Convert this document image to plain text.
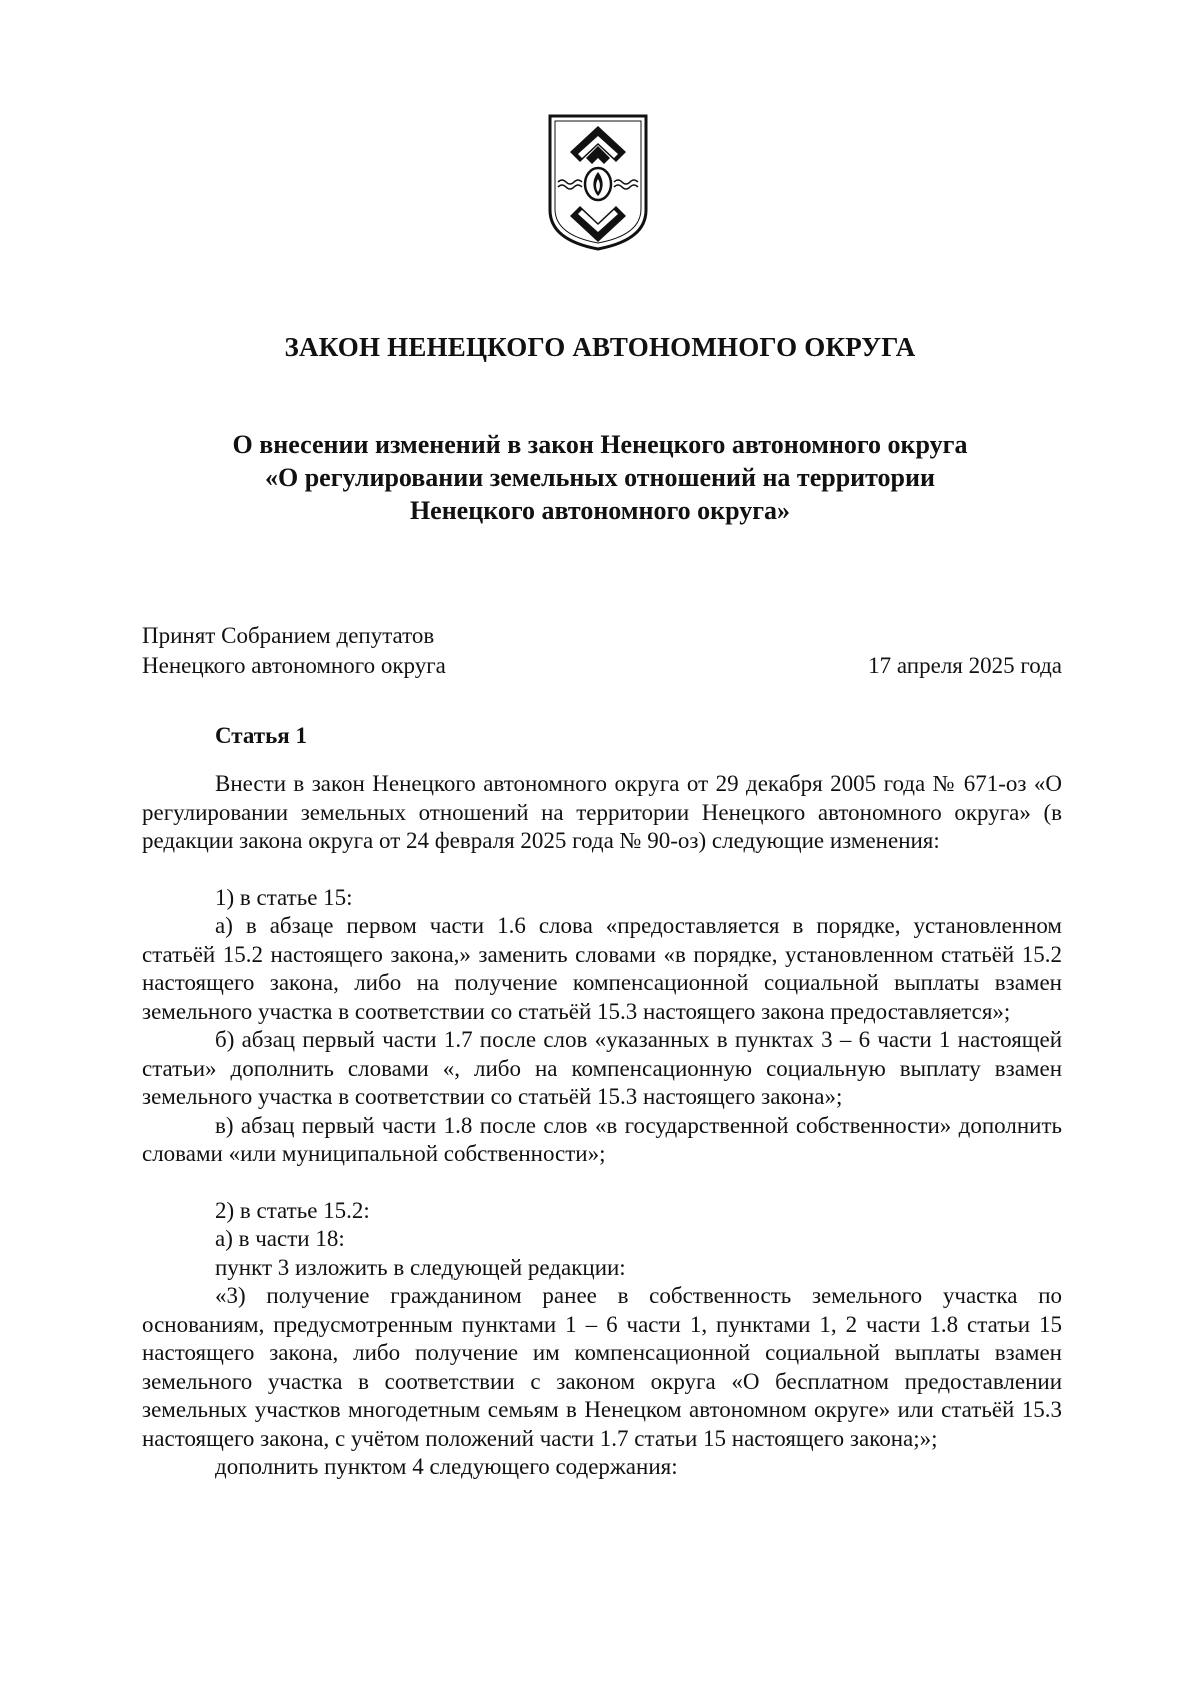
ЗАКОН НЕНЕЦКОГО АВТОНОМНОГО ОКРУГА
О внесении изменений в закон Ненецкого автономного округа
«О регулировании земельных отношений на территории
Ненецкого автономного округа»
Принят Собранием депутатов
Ненецкого автономного округа	17 апреля 2025 года
Статья 1

Внести в закон Ненецкого автономного округа от 29 декабря 2005 года № 671-оз «О регулировании земельных отношений на территории Ненецкого автономного округа» (в редакции закона округа от 24 февраля 2025 года № 90-оз) следующие изменения:

1) в статье 15:

а) в абзаце первом части 1.6 слова «предоставляется в порядке, установленном статьёй 15.2 настоящего закона,» заменить словами «в порядке, установленном статьёй 15.2 настоящего закона, либо на получение компенсационной социальной выплаты взамен земельного участка в соответствии со статьёй 15.3 настоящего закона предоставляется»;

б) абзац первый части 1.7 после слов «указанных в пунктах 3 – 6 части 1 настоящей статьи» дополнить словами «, либо на компенсационную социальную выплату взамен земельного участка в соответствии со статьёй 15.3 настоящего закона»;

в) абзац первый части 1.8 после слов «в государственной собственности» дополнить словами «или муниципальной собственности»;

2) в статье 15.2:

а) в части 18:

пункт 3 изложить в следующей редакции:

«3) получение гражданином ранее в собственность земельного участка по основаниям, предусмотренным пунктами 1 – 6 части 1, пунктами 1, 2 части 1.8 статьи 15 настоящего закона, либо получение им компенсационной социальной выплаты взамен земельного участка в соответствии с законом округа «О бесплатном предоставлении земельных участков многодетным семьям в Ненецком автономном округе» или статьёй 15.3 настоящего закона, с учётом положений части 1.7 статьи 15 настоящего закона;»;

дополнить пунктом 4 следующего содержания:
